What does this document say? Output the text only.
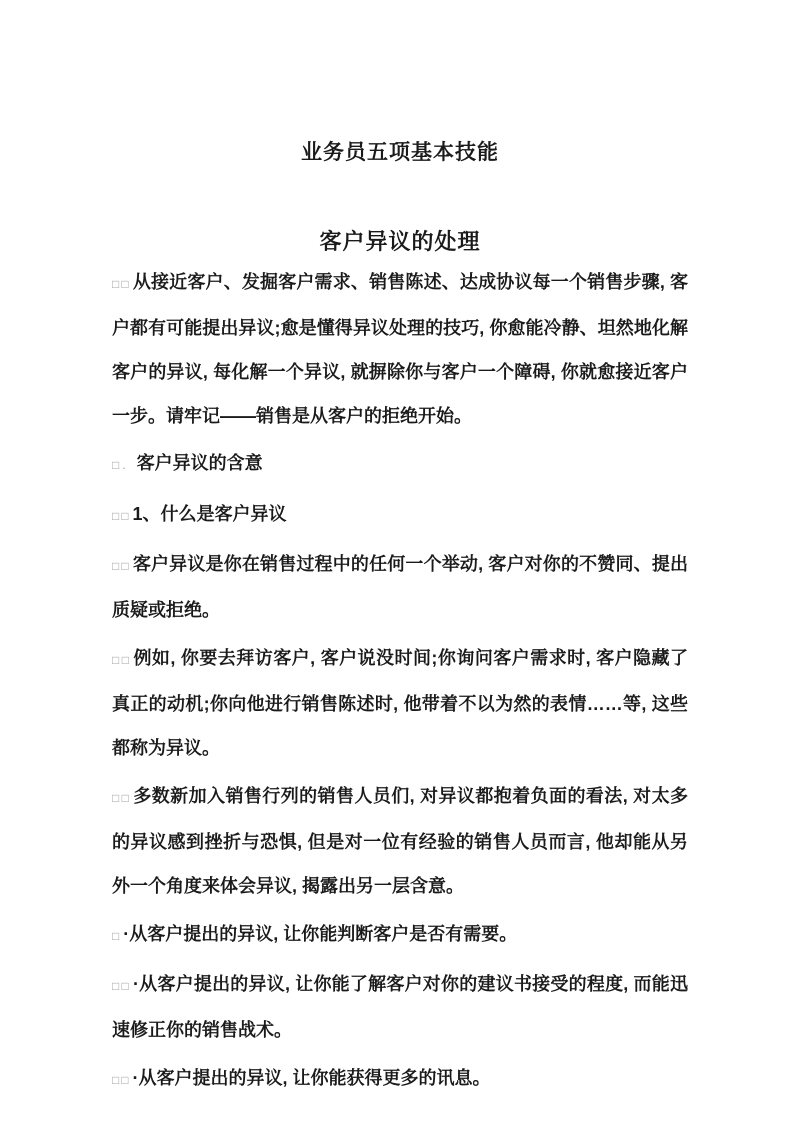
业务员五项基本技能
客户异议的处理

□□ 从接近客户、发掘客户需求、销售陈述、达成协议每一个销售步骤, 客户都有可能提出异议;愈是懂得异议处理的技巧, 你愈能冷静、坦然地化解客户的异议, 每化解一个异议, 就摒除你与客户一个障碍, 你就愈接近客户一步。请牢记——销售是从客户的拒绝开始。

□. 客户异议的含意

□□ 1、什么是客户异议

□□ 客户异议是你在销售过程中的任何一个举动, 客户对你的不赞同、提出质疑或拒绝。

□□ 例如, 你要去拜访客户, 客户说没时间;你询问客户需求时, 客户隐藏了真正的动机;你向他进行销售陈述时, 他带着不以为然的表情……等, 这些都称为异议。

□□ 多数新加入销售行列的销售人员们, 对异议都抱着负面的看法, 对太多的异议感到挫折与恐惧, 但是对一位有经验的销售人员而言, 他却能从另外一个角度来体会异议, 揭露出另一层含意。

□ ·从客户提出的异议, 让你能判断客户是否有需要。

□□ ·从客户提出的异议, 让你能了解客户对你的建议书接受的程度, 而能迅速修正你的销售战术。

□□ ·从客户提出的异议, 让你能获得更多的讯息。
